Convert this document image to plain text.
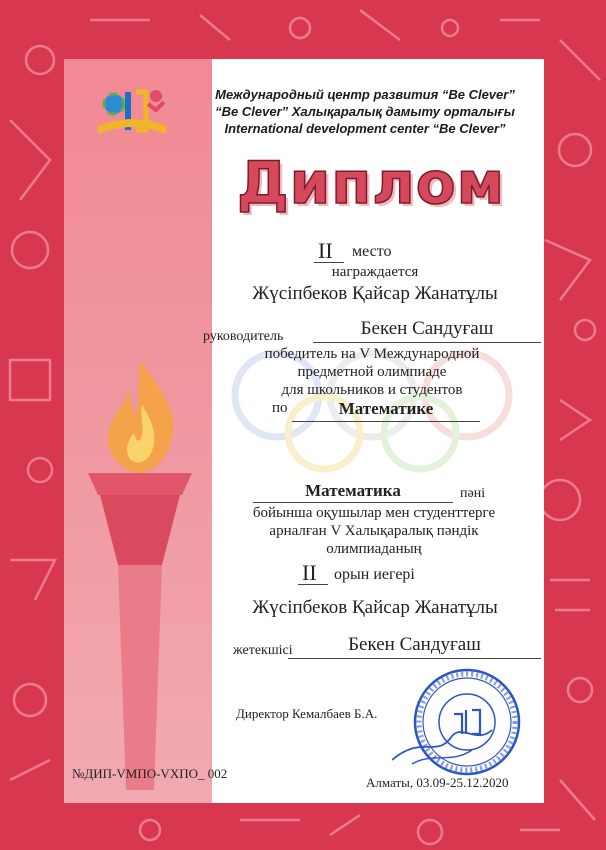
Международный центр развития “Be Clever”
“Be Clever” Халықаралық дамыту орталығы
International development center “Be Clever”
Диплом
II место
награждается
Жүсіпбеков Қайсар Жанатұлы
руководитель	Бекен Сандуғаш
победитель на V Международной
предметной олимпиаде
для школьников и студентов
по	Математике
Математика	пәні
бойынша оқушылар мен студенттерге
арналған V Халықаралық пәндік
олимпиаданың
II орын иегері
Жүсіпбеков Қайсар Жанатұлы
жетекшісі	Бекен Сандуғаш
Директор Кемалбаев Б.А.
№ДИП-VМПО-VХПО_ 002
Алматы, 03.09-25.12.2020
